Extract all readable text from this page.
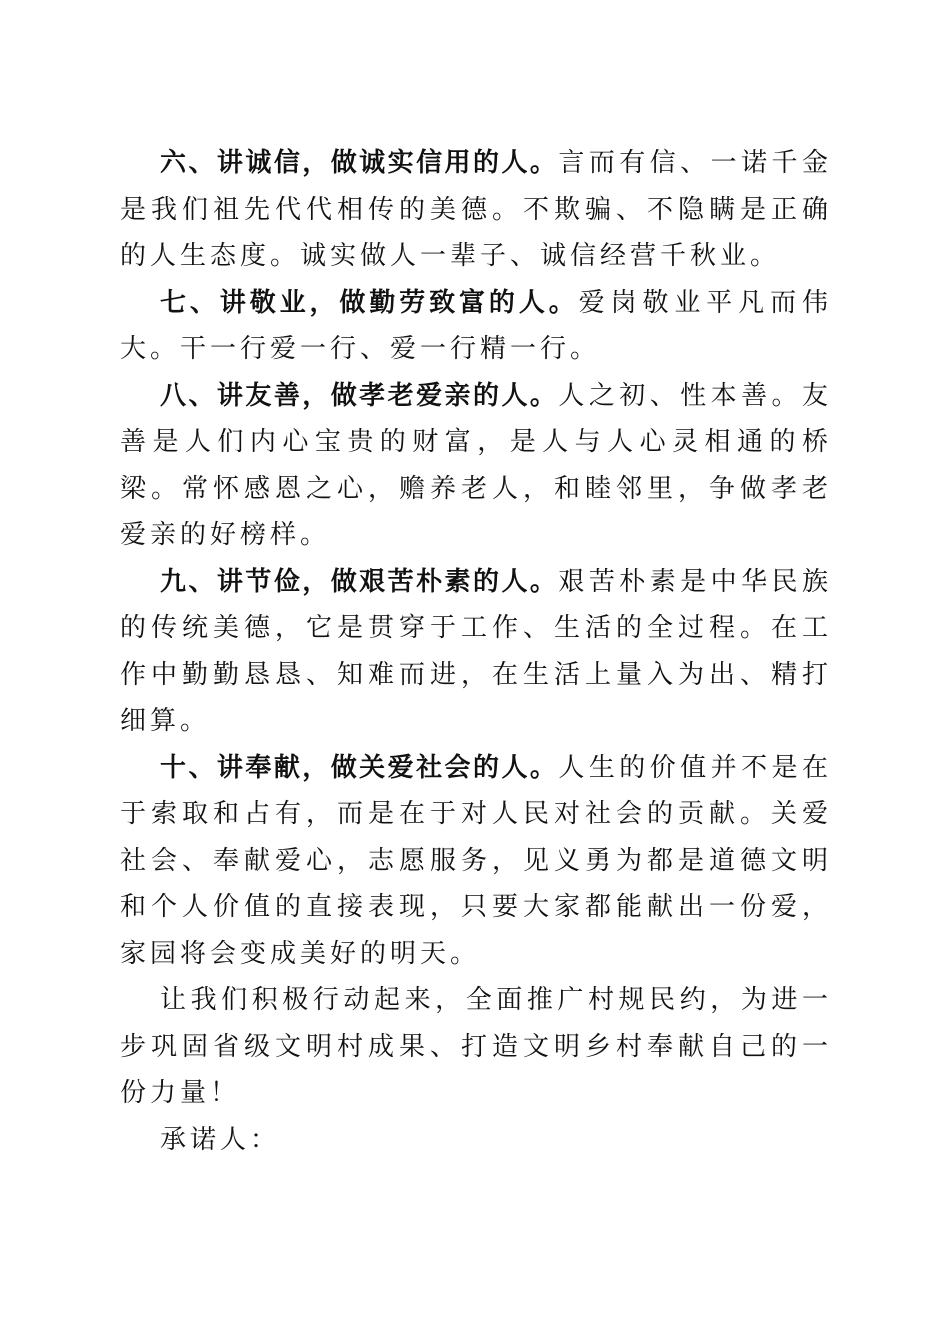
六、讲诚信，做诚实信用的人。言而有信、一诺千金是我们祖先代代相传的美德。不欺骗、不隐瞒是正确的人生态度。诚实做人一辈子、诚信经营千秋业。

七、讲敬业，做勤劳致富的人。爱岗敬业平凡而伟大。干一行爱一行、爱一行精一行。

八、讲友善，做孝老爱亲的人。人之初、性本善。友善是人们内心宝贵的财富，是人与人心灵相通的桥梁。常怀感恩之心，赡养老人，和睦邻里，争做孝老爱亲的好榜样。

九、讲节俭，做艰苦朴素的人。艰苦朴素是中华民族的传统美德，它是贯穿于工作、生活的全过程。在工作中勤勤恳恳、知难而进，在生活上量入为出、精打细算。

十、讲奉献，做关爱社会的人。人生的价值并不是在于索取和占有，而是在于对人民对社会的贡献。关爱社会、奉献爱心，志愿服务，见义勇为都是道德文明和个人价值的直接表现，只要大家都能献出一份爱，家园将会变成美好的明天。

让我们积极行动起来，全面推广村规民约，为进一步巩固省级文明村成果、打造文明乡村奉献自己的一份力量！

承诺人：
